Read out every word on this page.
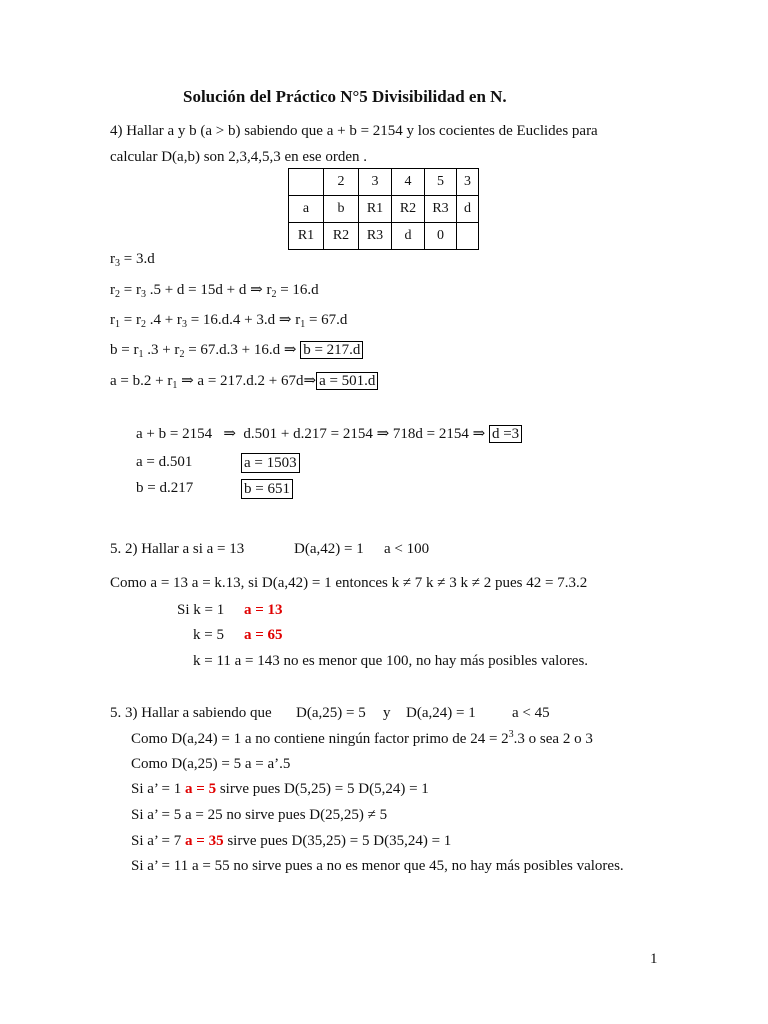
Solución del Práctico N°5 Divisibilidad en N.
4) Hallar a y b (a > b) sabiendo que a + b = 2154 y los cocientes de Euclides para
calcular D(a,b) son 2,3,4,5,3 en ese orden .
	2	3	4	5	3
a	b	R1	R2	R3	d
R1	R2	R3	d	0	
$r_3 = 3.d$
$r_2 = r_3$ .5 + d = 15d + d ⇒ $r_2 = 16.d$
$r_1 = r_2$ $.4 + r_3 = 16.d.4 + 3.d$ ⇒ $r_1 = 67.d$
$b = r_1$ $.3 + r_2 = 67.d.3 + 16.d$ ⇒ b = 217.d
$a = b.2 + r_1$ ⇒ a = 217.d.2 + 67d⇒ a = 501.d
a + b = 2154   ⇒  d.501 + d.217 = 2154 ⇒ 718d = 2154 ⇒ d =3
a = d.501	a = 1503
b = d.217	b = 651
5. 2) Hallar a si a = 13	D(a,42) = 1 a < 100
Como a = 13 a = k.13, si D(a,42) = 1 entonces k ≠ 7 k ≠ 3 k ≠ 2 pues 42 = 7.3.2
Si k = 1 a = 13
k = 5 a = 65
k = 11 a = 143 no es menor que 100, no hay más posibles valores.
5. 3) Hallar a sabiendo que D(a,25) = 5 y D(a,24) = 1 a < 45
Como D(a,24) = 1 a no contiene ningún factor primo de $24 = 2^3.3$ o sea 2 o 3
Como D(a,25) = 5 a = a’.5
Si a’ = 1 a = 5 sirve pues D(5,25) = 5 D(5,24) = 1
Si a’ = 5 a = 25 no sirve pues D(25,25) ≠ 5
Si a’ = 7 a = 35 sirve pues D(35,25) = 5 D(35,24) = 1
Si a’ = 11 a = 55 no sirve pues a no es menor que 45, no hay más posibles valores.
1
